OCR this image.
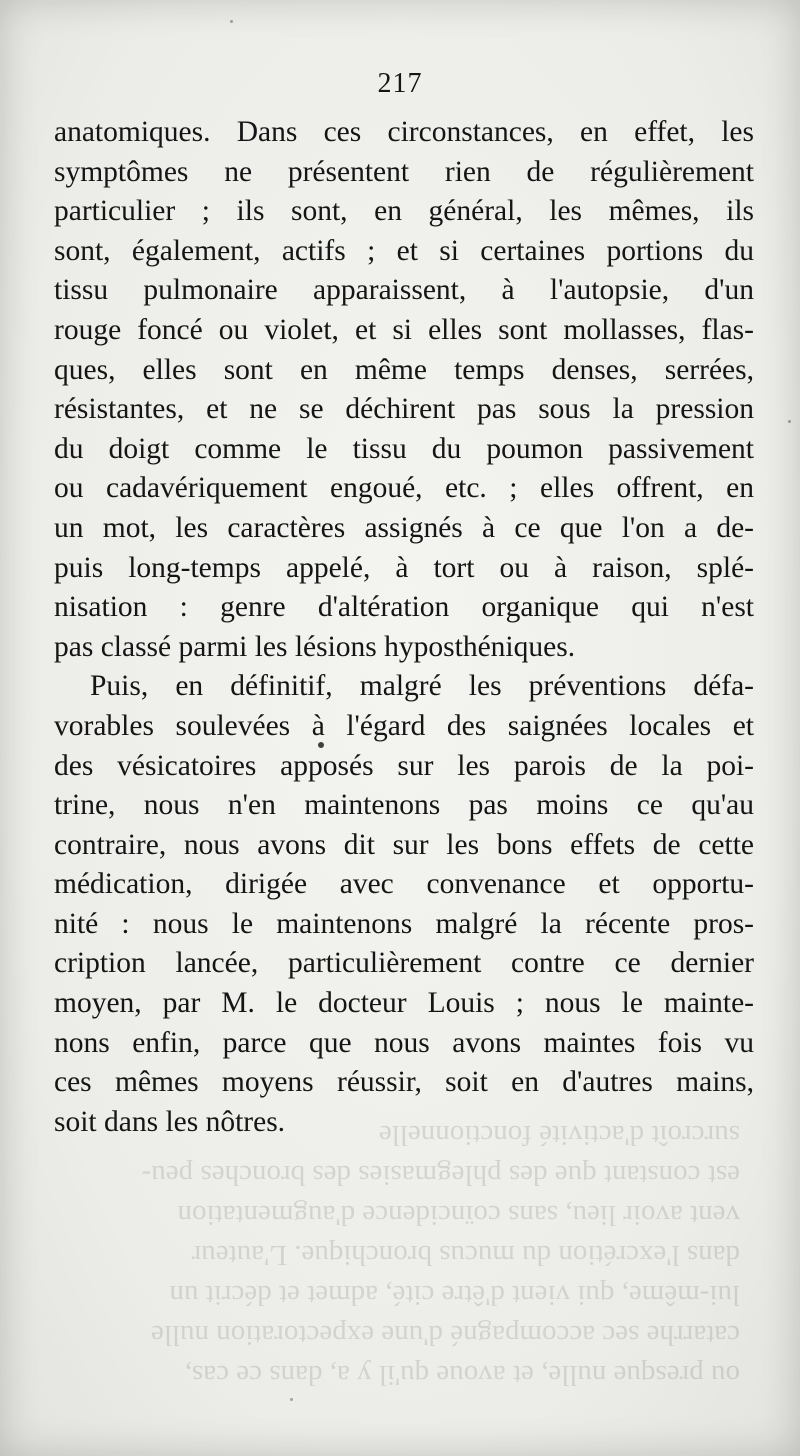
ou presque nulle, et avoue qu'il y a, dans ce cas,
catarrhe sec accompagné d'une expectoration nulle
lui-même, qui vient d'être cité, admet et décrit un
dans l'excrétion du mucus bronchique. L'auteur
vent avoir lieu, sans coïncidence d'augmentation
est constant que des phlegmasies des bronches peu-
surcroît d'activité fonctionnelle
217
anatomiques. Dans ces circonstances, en effet, les
symptômes ne présentent rien de régulièrement
particulier ; ils sont, en général, les mêmes, ils
sont, également, actifs ; et si certaines portions du
tissu pulmonaire apparaissent, à l'autopsie, d'un
rouge foncé ou violet, et si elles sont mollasses, flas-
ques, elles sont en même temps denses, serrées,
résistantes, et ne se déchirent pas sous la pression
du doigt comme le tissu du poumon passivement
ou cadavériquement engoué, etc. ; elles offrent, en
un mot, les caractères assignés à ce que l'on a de-
puis long-temps appelé, à tort ou à raison, splé-
nisation : genre d'altération organique qui n'est
pas classé parmi les lésions hyposthéniques.
Puis, en définitif, malgré les préventions défa-
vorables soulevées à l'égard des saignées locales et
des vésicatoires apposés sur les parois de la poi-
trine, nous n'en maintenons pas moins ce qu'au
contraire, nous avons dit sur les bons effets de cette
médication, dirigée avec convenance et opportu-
nité : nous le maintenons malgré la récente pros-
cription lancée, particulièrement contre ce dernier
moyen, par M. le docteur Louis ; nous le mainte-
nons enfin, parce que nous avons maintes fois vu
ces mêmes moyens réussir, soit en d'autres mains,
soit dans les nôtres.
